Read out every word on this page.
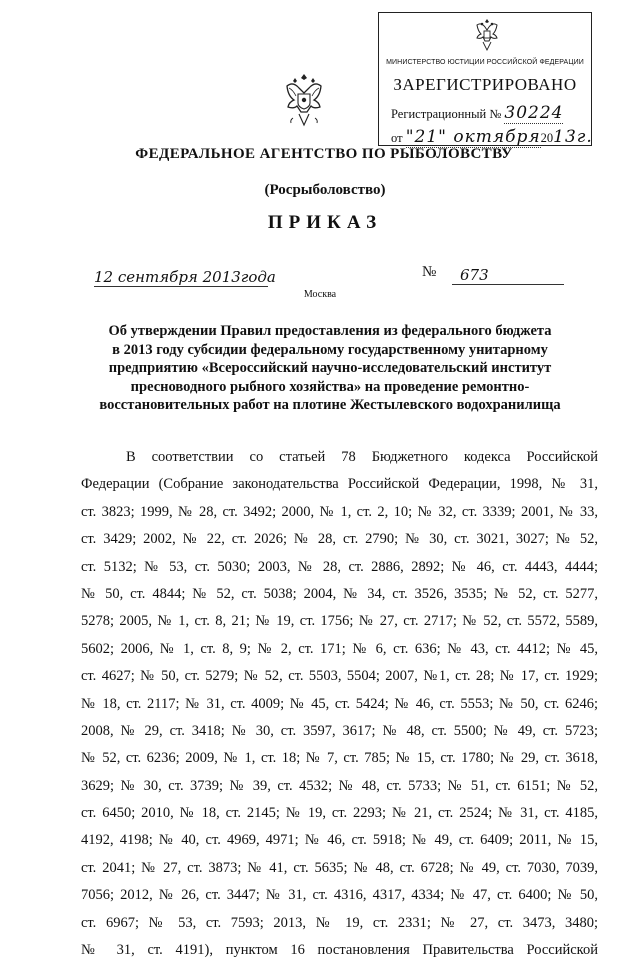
МИНИСТЕРСТВО ЮСТИЦИИ РОССИЙСКОЙ ФЕДЕРАЦИИ
ЗАРЕГИСТРИРОВАНО
Регистрационный № 30224
от "21" октября2013г.
ФЕДЕРАЛЬНОЕ АГЕНТСТВО ПО РЫБОЛОВСТВУ
(Росрыболовство)
ПРИКАЗ
12 сентября 2013года	№	673
Москва
Об утверждении Правил предоставления из федерального бюджета
в 2013 году субсидии федеральному государственному унитарному
предприятию «Всероссийский научно-исследовательский институт
пресноводного рыбного хозяйства» на проведение ремонтно-
восстановительных работ на плотине Жестылевского водохранилища
В соответствии со статьей 78 Бюджетного кодекса Российской
Федерации (Собрание законодательства Российской Федерации, 1998, № 31,
ст. 3823; 1999, № 28, ст. 3492; 2000, № 1, ст. 2, 10; № 32, ст. 3339; 2001, № 33,
ст. 3429; 2002, № 22, ст. 2026; № 28, ст. 2790; № 30, ст. 3021, 3027; № 52,
ст. 5132; № 53, ст. 5030; 2003, № 28, ст. 2886, 2892; № 46, ст. 4443, 4444;
№ 50, ст. 4844; № 52, ст. 5038; 2004, № 34, ст. 3526, 3535; № 52, ст. 5277,
5278; 2005, № 1, ст. 8, 21; № 19, ст. 1756; № 27, ст. 2717; № 52, ст. 5572, 5589,
5602; 2006, № 1, ст. 8, 9; № 2, ст. 171; № 6, ст. 636; № 43, ст. 4412; № 45,
ст. 4627; № 50, ст. 5279; № 52, ст. 5503, 5504; 2007, №1, ст. 28; № 17, ст. 1929;
№ 18, ст. 2117; № 31, ст. 4009; № 45, ст. 5424; № 46, ст. 5553; № 50, ст. 6246;
2008, № 29, ст. 3418; № 30, ст. 3597, 3617; № 48, ст. 5500; № 49, ст. 5723;
№ 52, ст. 6236; 2009, № 1, ст. 18; № 7, ст. 785; № 15, ст. 1780; № 29, ст. 3618,
3629; № 30, ст. 3739; № 39, ст. 4532; № 48, ст. 5733; № 51, ст. 6151; № 52,
ст. 6450; 2010, № 18, ст. 2145; № 19, ст. 2293; № 21, ст. 2524; № 31, ст. 4185,
4192, 4198; № 40, ст. 4969, 4971; № 46, ст. 5918; № 49, ст. 6409; 2011, № 15,
ст. 2041; № 27, ст. 3873; № 41, ст. 5635; № 48, ст. 6728; № 49, ст. 7030, 7039,
7056; 2012, № 26, ст. 3447; № 31, ст. 4316, 4317, 4334; № 47, ст. 6400; № 50,
ст. 6967; № 53, ст. 7593; 2013, № 19, ст. 2331; № 27, ст. 3473, 3480;
№ 31, ст. 4191), пунктом 16 постановления Правительства Российской
